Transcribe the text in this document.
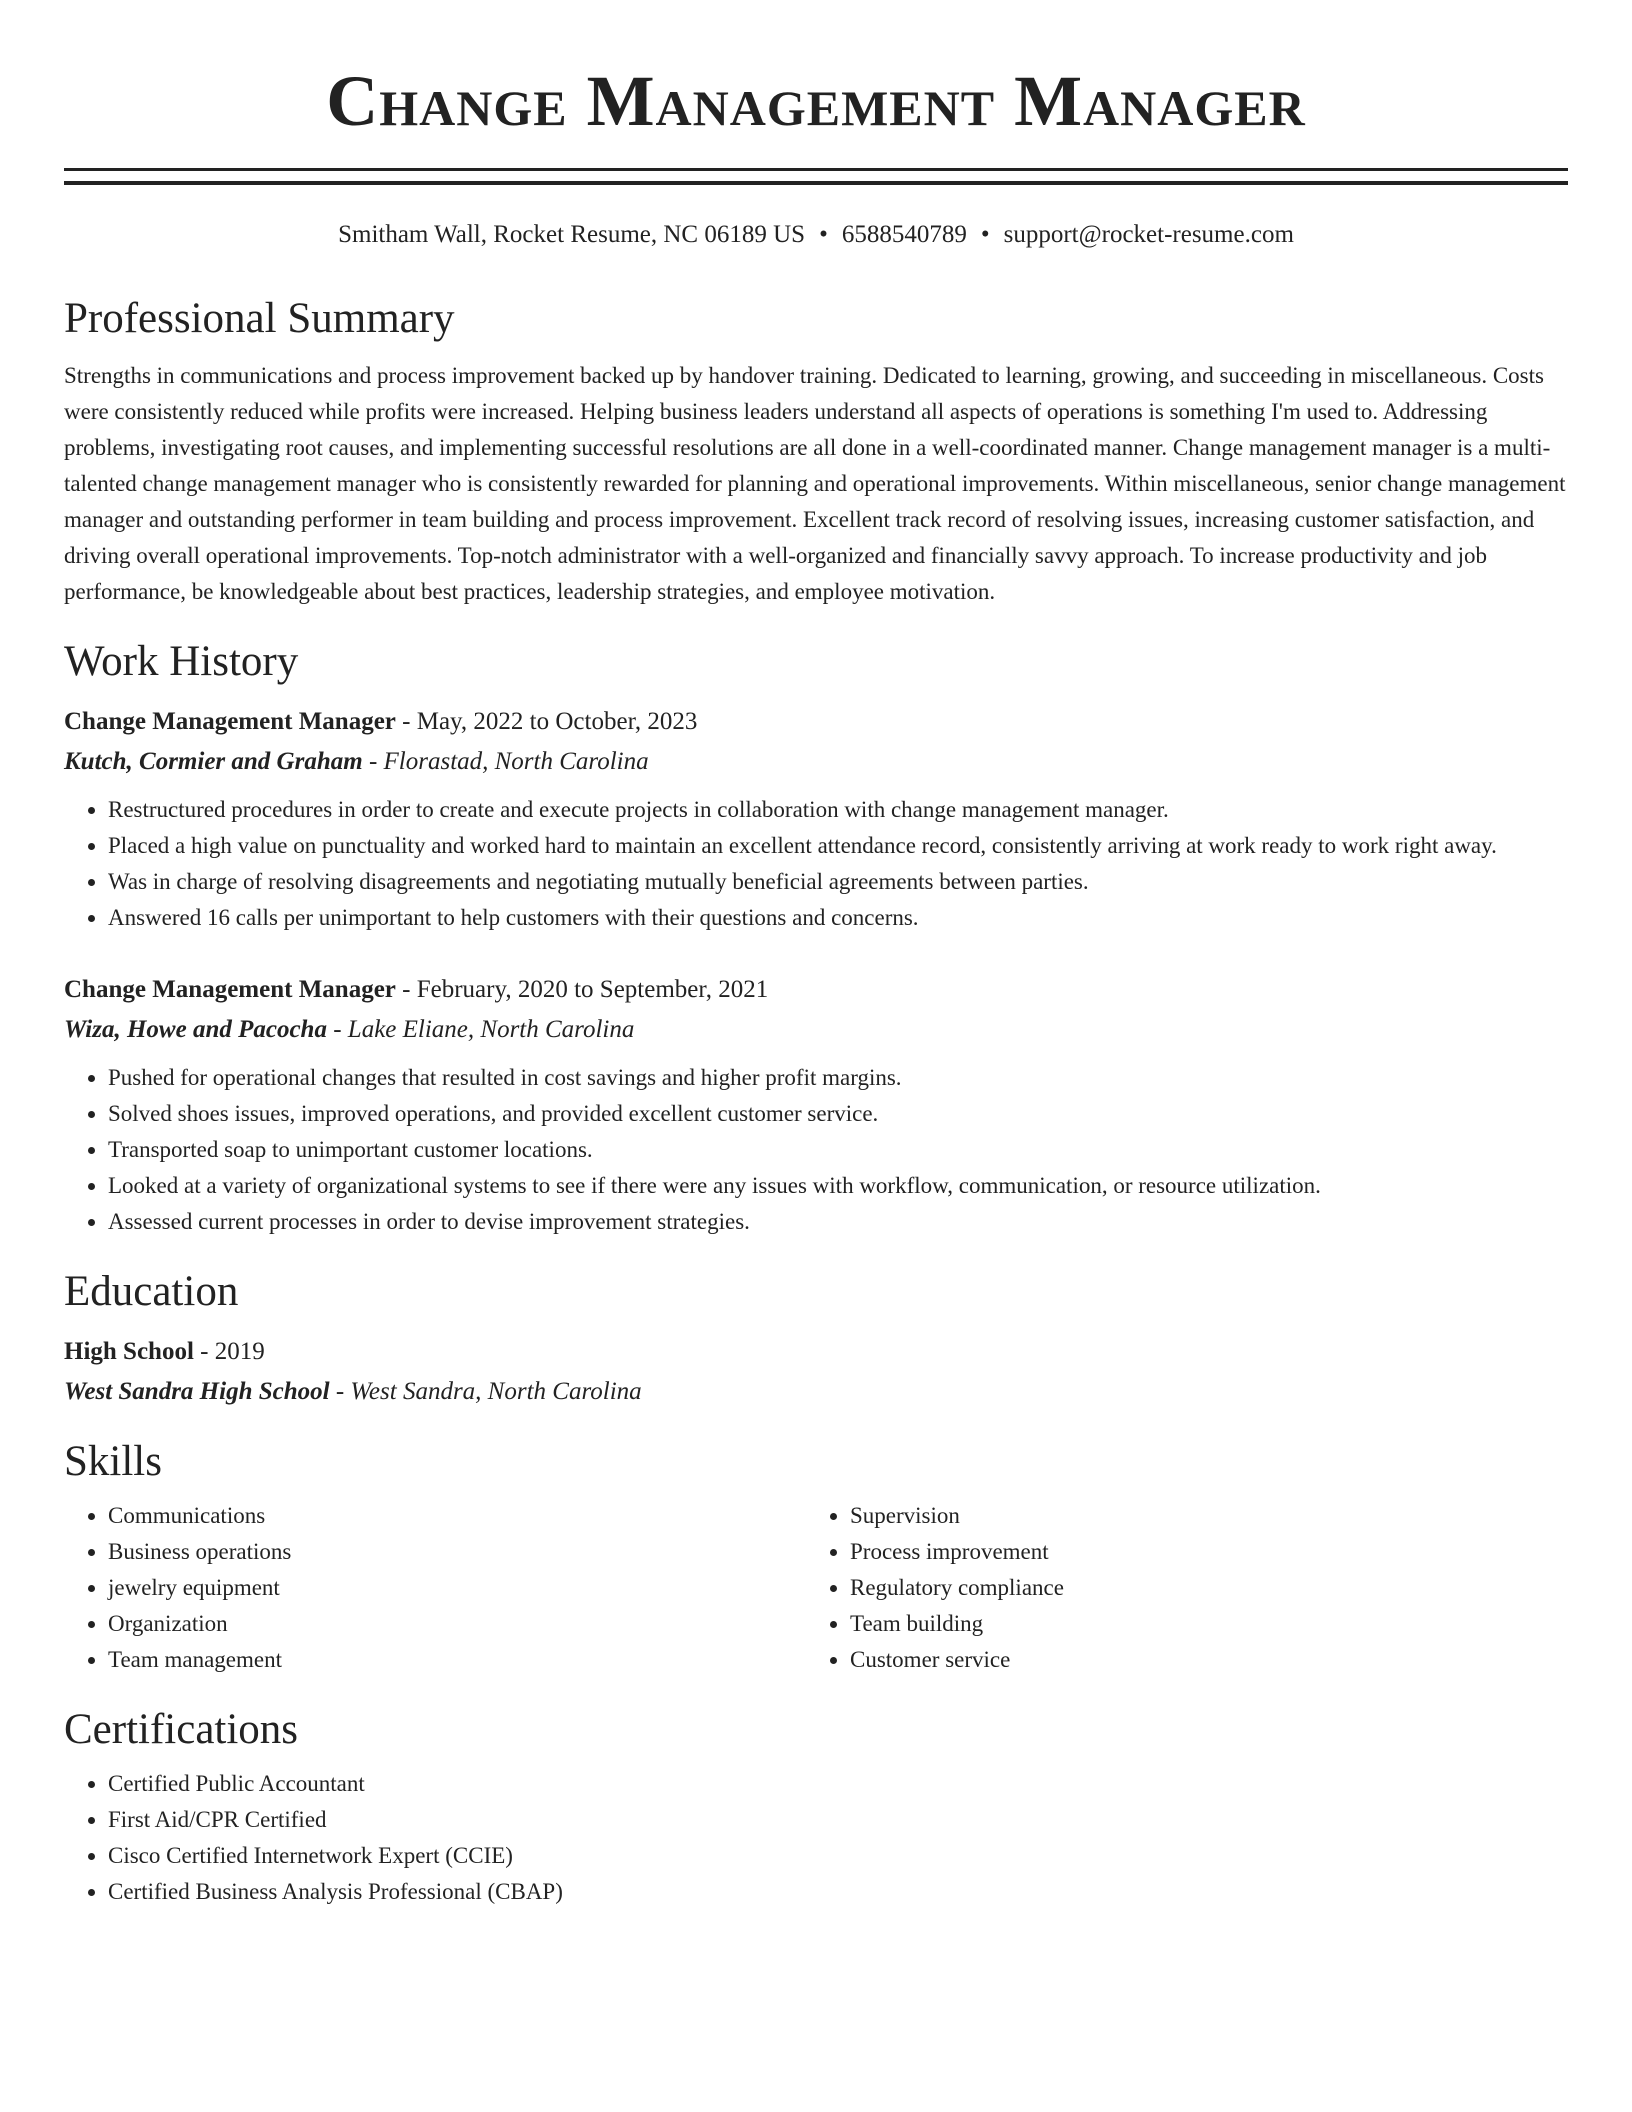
Change Management Manager
Smitham Wall, Rocket Resume, NC 06189 US • 6588540789 • support@rocket-resume.com
Professional Summary
Strengths in communications and process improvement backed up by handover training. Dedicated to learning, growing, and succeeding in miscellaneous. Costs were consistently reduced while profits were increased. Helping business leaders understand all aspects of operations is something I'm used to. Addressing problems, investigating root causes, and implementing successful resolutions are all done in a well-coordinated manner. Change management manager is a multi-talented change management manager who is consistently rewarded for planning and operational improvements. Within miscellaneous, senior change management manager and outstanding performer in team building and process improvement. Excellent track record of resolving issues, increasing customer satisfaction, and driving overall operational improvements. Top-notch administrator with a well-organized and financially savvy approach. To increase productivity and job performance, be knowledgeable about best practices, leadership strategies, and employee motivation.
Work History
Change Management Manager - May, 2022 to October, 2023
Kutch, Cormier and Graham - Florastad, North Carolina
• Restructured procedures in order to create and execute projects in collaboration with change management manager.
• Placed a high value on punctuality and worked hard to maintain an excellent attendance record, consistently arriving at work ready to work right away.
• Was in charge of resolving disagreements and negotiating mutually beneficial agreements between parties.
• Answered 16 calls per unimportant to help customers with their questions and concerns.
Change Management Manager - February, 2020 to September, 2021
Wiza, Howe and Pacocha - Lake Eliane, North Carolina
• Pushed for operational changes that resulted in cost savings and higher profit margins.
• Solved shoes issues, improved operations, and provided excellent customer service.
• Transported soap to unimportant customer locations.
• Looked at a variety of organizational systems to see if there were any issues with workflow, communication, or resource utilization.
• Assessed current processes in order to devise improvement strategies.
Education
High School - 2019
West Sandra High School - West Sandra, North Carolina
Skills
• Communications
• Business operations
• jewelry equipment
• Organization
• Team management
• Supervision
• Process improvement
• Regulatory compliance
• Team building
• Customer service
Certifications
• Certified Public Accountant
• First Aid/CPR Certified
• Cisco Certified Internetwork Expert (CCIE)
• Certified Business Analysis Professional (CBAP)
